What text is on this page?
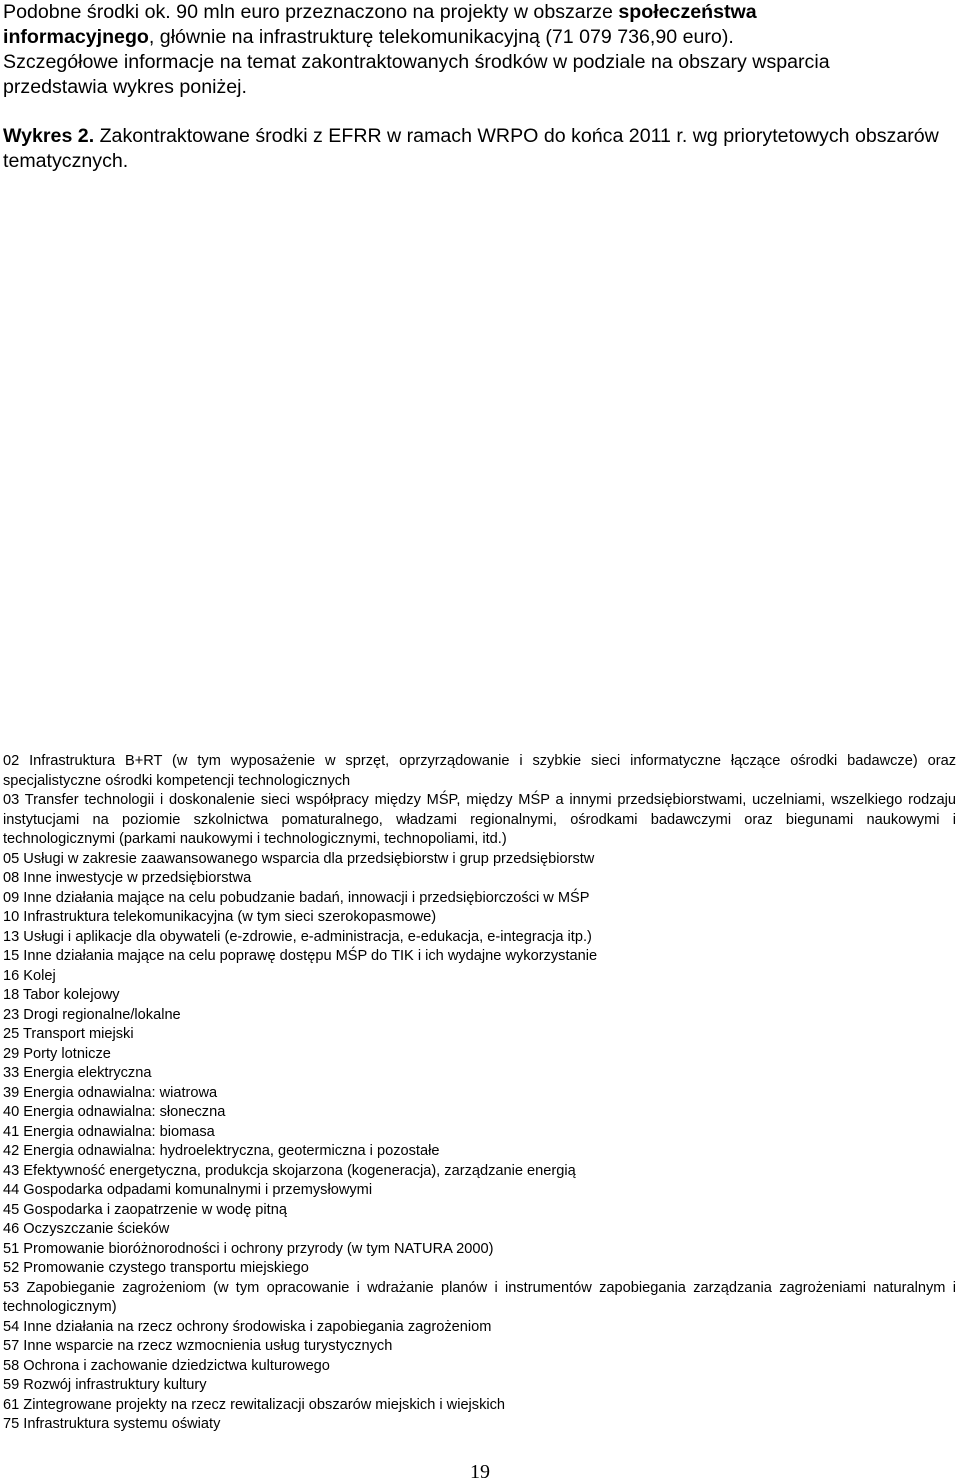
Podobne środki ok. 90 mln euro przeznaczono na projekty w obszarze społeczeństwa
informacyjnego, głównie na infrastrukturę telekomunikacyjną (71 079 736,90 euro).
Szczegółowe informacje na temat zakontraktowanych środków w podziale na obszary wsparcia
przedstawia wykres poniżej.
Wykres 2. Zakontraktowane środki z EFRR w ramach WRPO do końca 2011 r. wg priorytetowych obszarów tematycznych.
02 Infrastruktura B+RT (w tym wyposażenie w sprzęt, oprzyrządowanie i szybkie sieci informatyczne łączące ośrodki badawcze) oraz specjalistyczne ośrodki kompetencji technologicznych
03 Transfer technologii i doskonalenie sieci współpracy między MŚP, między MŚP a innymi przedsiębiorstwami, uczelniami, wszelkiego rodzaju instytucjami na poziomie szkolnictwa pomaturalnego, władzami regionalnymi, ośrodkami badawczymi oraz biegunami naukowymi i technologicznymi (parkami naukowymi i technologicznymi, technopoliami, itd.)
05 Usługi w zakresie zaawansowanego wsparcia dla przedsiębiorstw i grup przedsiębiorstw
08 Inne inwestycje w przedsiębiorstwa
09 Inne działania mające na celu pobudzanie badań, innowacji i przedsiębiorczości w MŚP
10 Infrastruktura telekomunikacyjna (w tym sieci szerokopasmowe)
13 Usługi i aplikacje dla obywateli (e-zdrowie, e-administracja, e-edukacja, e-integracja itp.)
15 Inne działania mające na celu poprawę dostępu MŚP do TIK i ich wydajne wykorzystanie
16 Kolej
18 Tabor kolejowy
23 Drogi regionalne/lokalne
25 Transport miejski
29 Porty lotnicze
33 Energia elektryczna
39 Energia odnawialna: wiatrowa
40 Energia odnawialna: słoneczna
41 Energia odnawialna: biomasa
42 Energia odnawialna: hydroelektryczna, geotermiczna i pozostałe
43 Efektywność energetyczna, produkcja skojarzona (kogeneracja), zarządzanie energią
44 Gospodarka odpadami komunalnymi i przemysłowymi
45 Gospodarka i zaopatrzenie w wodę pitną
46 Oczyszczanie ścieków
51 Promowanie bioróżnorodności i ochrony przyrody (w tym NATURA 2000)
52 Promowanie czystego transportu miejskiego
53 Zapobieganie zagrożeniom (w tym opracowanie i wdrażanie planów i instrumentów zapobiegania zarządzania zagrożeniami naturalnym i technologicznym)
54 Inne działania na rzecz ochrony środowiska i zapobiegania zagrożeniom
57 Inne wsparcie na rzecz wzmocnienia usług turystycznych
58 Ochrona i zachowanie dziedzictwa kulturowego
59 Rozwój infrastruktury kultury
61 Zintegrowane projekty na rzecz rewitalizacji obszarów miejskich i wiejskich
75 Infrastruktura systemu oświaty
19
